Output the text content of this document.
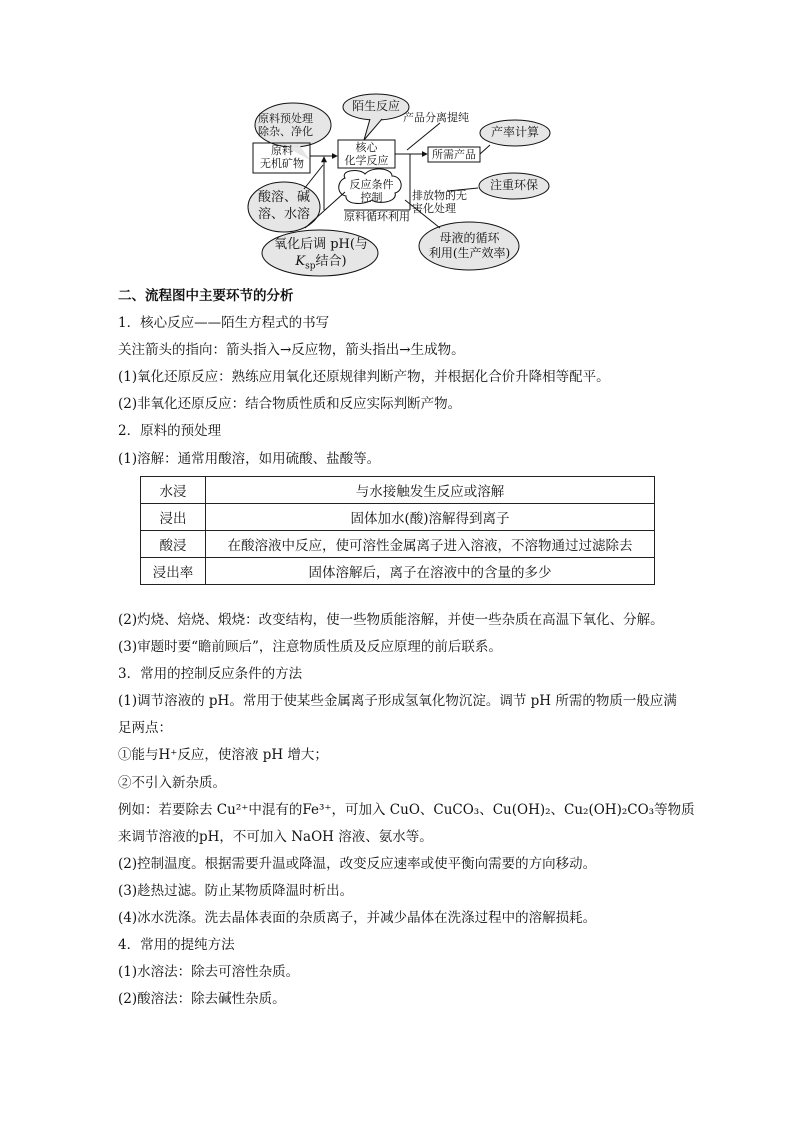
原料预处理
除杂、净化
原料
无机矿物
酸溶、碱
溶、水溶
氧化后调 pH(与
$K_{sp}$结合)
陌生反应
核心
化学反应
反应条件
控制
产品分离提纯
所需产品
产率计算
排放物的无
害化处理
注重环保
原料循环利用
母液的循环
利用(生产效率)
二、流程图中主要环节的分析
1．核心反应——陌生方程式的书写
关注箭头的指向：箭头指入→反应物，箭头指出→生成物。
(1)氧化还原反应：熟练应用氧化还原规律判断产物，并根据化合价升降相等配平。
(2)非氧化还原反应：结合物质性质和反应实际判断产物。
2．原料的预处理
(1)溶解：通常用酸溶，如用硫酸、盐酸等。
水浸	与水接触发生反应或溶解
浸出	固体加水(酸)溶解得到离子
酸浸	在酸溶液中反应，使可溶性金属离子进入溶液，不溶物通过过滤除去
浸出率	固体溶解后，离子在溶液中的含量的多少
(2)灼烧、焙烧、煅烧：改变结构，使一些物质能溶解，并使一些杂质在高温下氧化、分解。
(3)审题时要“瞻前顾后”，注意物质性质及反应原理的前后联系。
3．常用的控制反应条件的方法
(1)调节溶液的 pH。常用于使某些金属离子形成氢氧化物沉淀。调节 pH 所需的物质一般应满
足两点：
①能与H⁺反应，使溶液 pH 增大；
②不引入新杂质。
例如：若要除去 Cu²⁺中混有的Fe³⁺，可加入 CuO、CuCO₃、Cu(OH)₂、Cu₂(OH)₂CO₃等物质
来调节溶液的pH，不可加入 NaOH 溶液、氨水等。
(2)控制温度。根据需要升温或降温，改变反应速率或使平衡向需要的方向移动。
(3)趁热过滤。防止某物质降温时析出。
(4)冰水洗涤。洗去晶体表面的杂质离子，并减少晶体在洗涤过程中的溶解损耗。
4．常用的提纯方法
(1)水溶法：除去可溶性杂质。
(2)酸溶法：除去碱性杂质。
